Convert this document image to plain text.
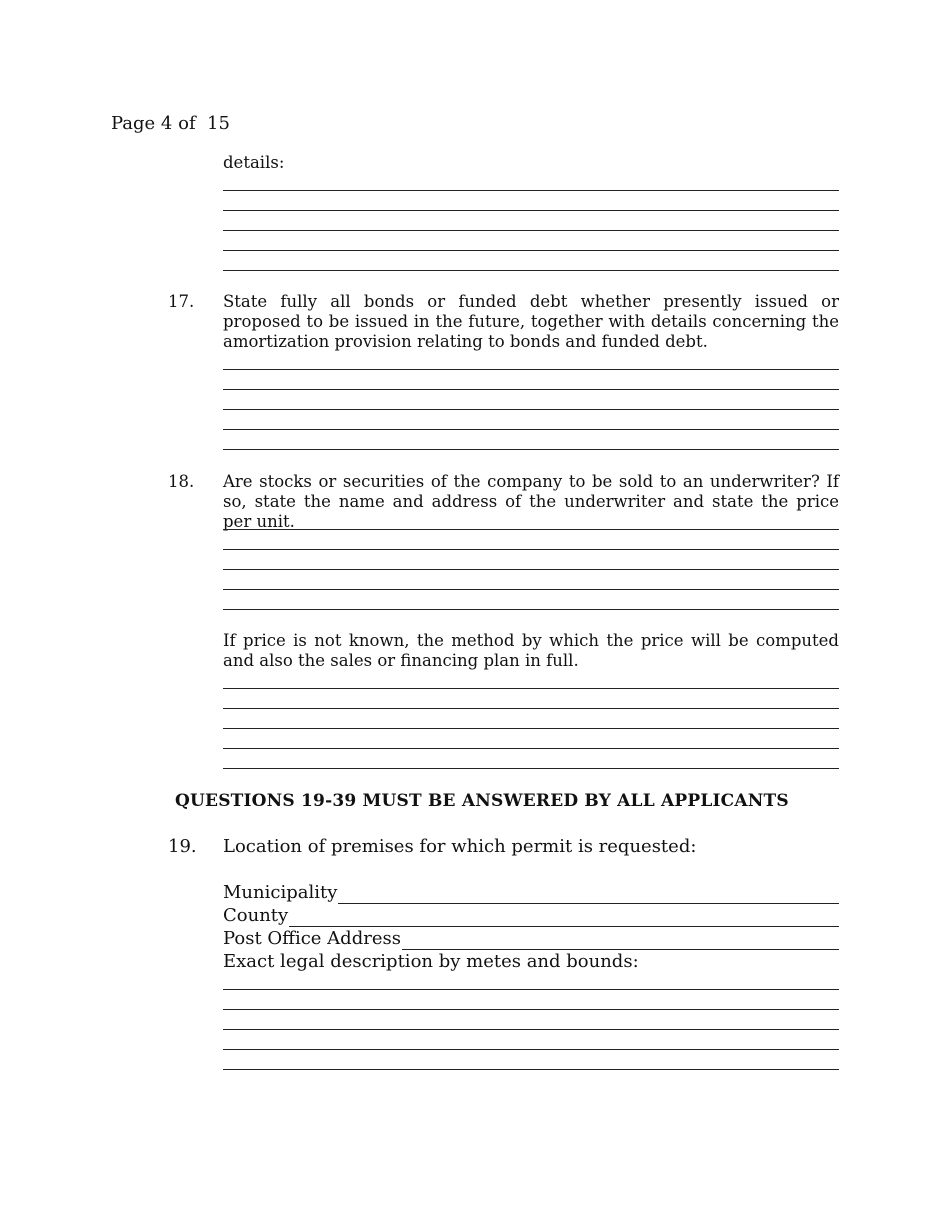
Page 4 of  15
details:
17. State fully all bonds or funded debt whether presently issued or proposed to be issued in the future, together with details concerning the amortization provision relating to bonds and funded debt.
18. Are stocks or securities of the company to be sold to an underwriter? If so, state the name and address of the underwriter and state the price per unit.
If price is not known, the method by which the price will be computed and also the sales or financing plan in full.
QUESTIONS 19-39 MUST BE ANSWERED BY ALL APPLICANTS
19. Location of premises for which permit is requested:
Municipality
County
Post Office Address
Exact legal description by metes and bounds:
